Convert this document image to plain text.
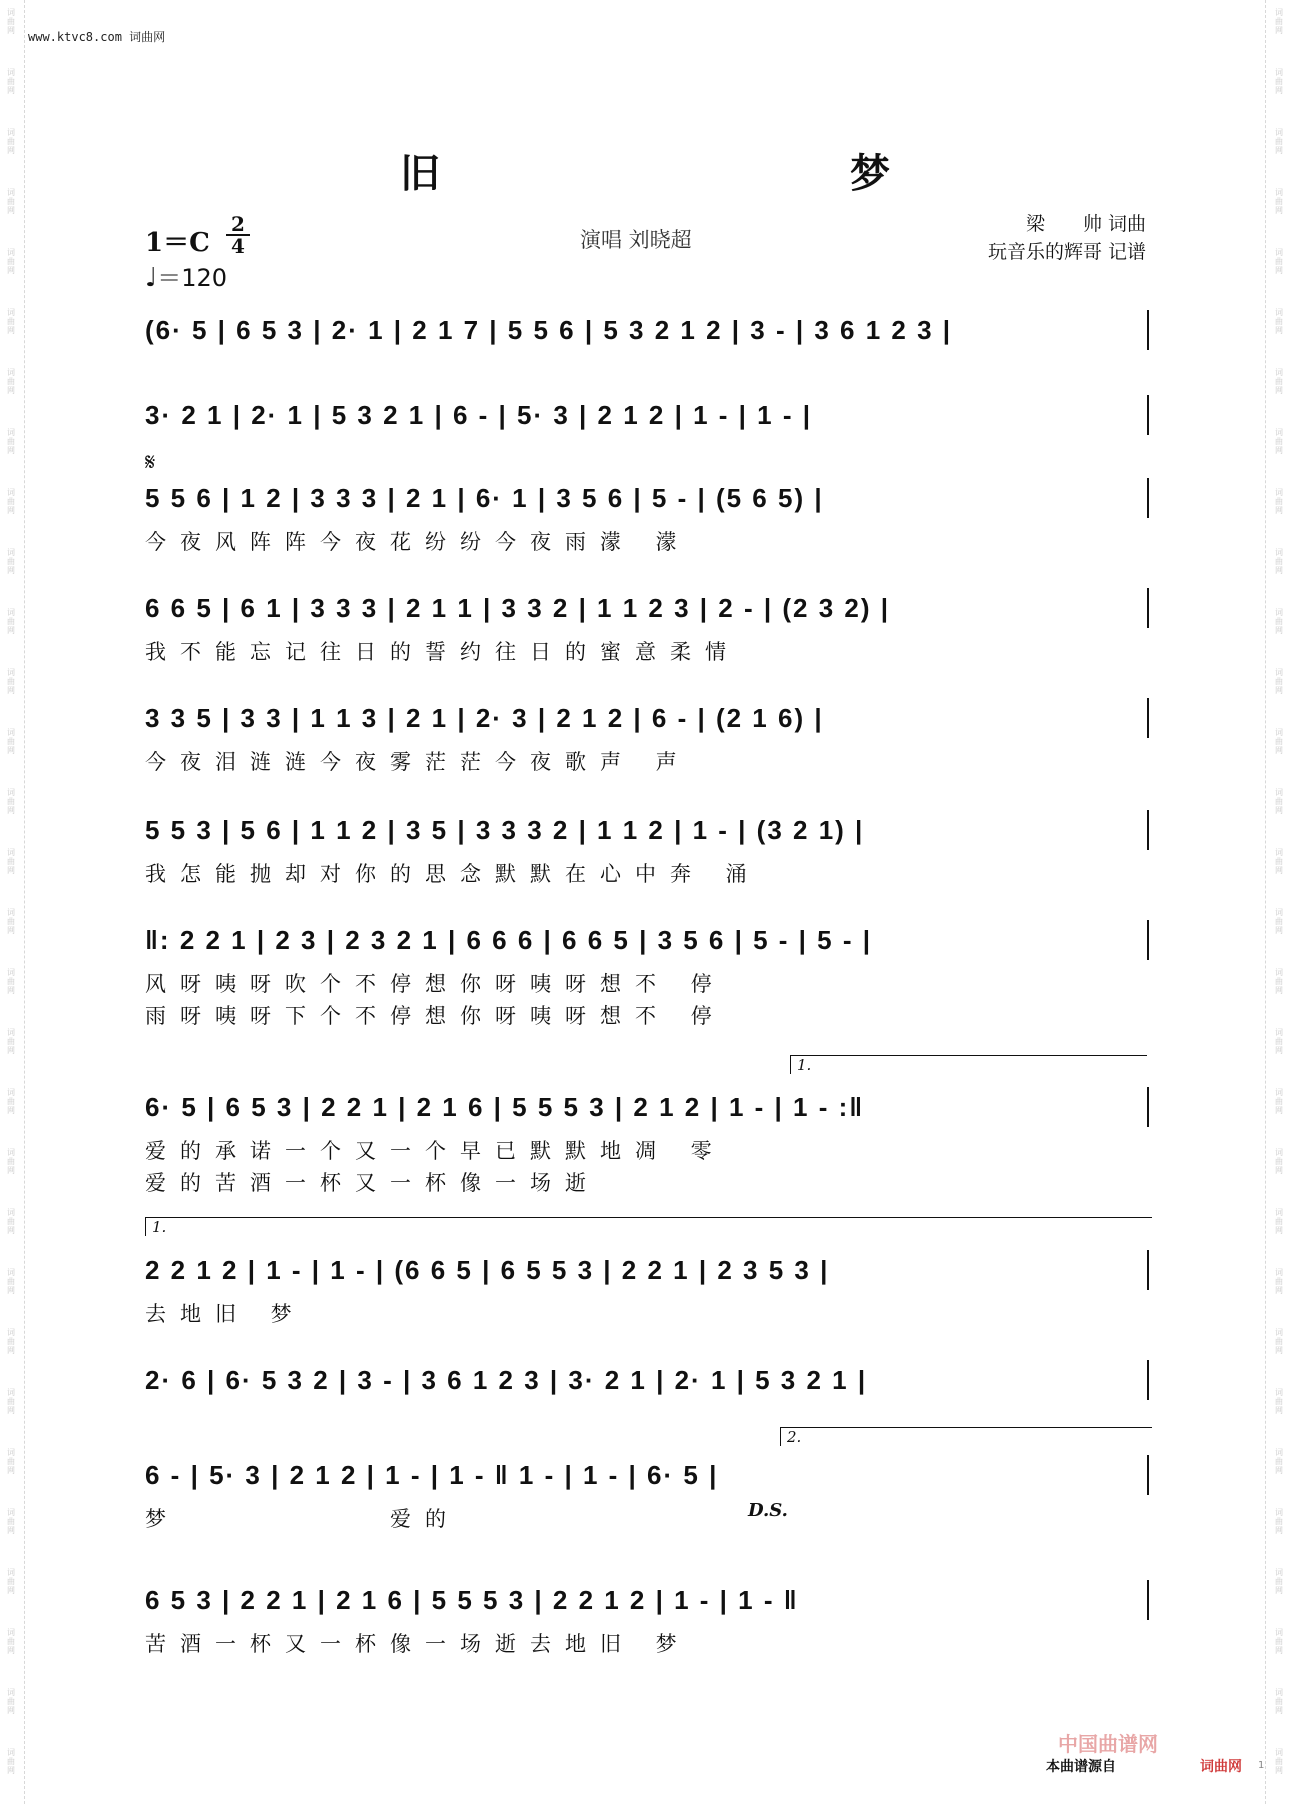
词
曲
网
词
曲
网
词
曲
网
词
曲
网
词
曲
网
词
曲
网
词
曲
网
词
曲
网
词
曲
网
词
曲
网
词
曲
网
词
曲
网
词
曲
网
词
曲
网
词
曲
网
词
曲
网
词
曲
网
词
曲
网
词
曲
网
词
曲
网
词
曲
网
词
曲
网
词
曲
网
词
曲
网
词
曲
网
词
曲
网
词
曲
网
词
曲
网
词
曲
网
词
曲
网
词
曲
网
词
曲
网
词
曲
网
词
曲
网
词
曲
网
词
曲
网
词
曲
网
词
曲
网
词
曲
网
词
曲
网
词
曲
网
词
曲
网
词
曲
网
词
曲
网
词
曲
网
词
曲
网
词
曲
网
词
曲
网
词
曲
网
词
曲
网
词
曲
网
词
曲
网
词
曲
网
词
曲
网
词
曲
网
词
曲
网
词
曲
网
词
曲
网
词
曲
网
词
曲
网
www.ktvc8.com 词曲网
旧　　梦
$1=C \frac{2}{4}$
♩＝120
演唱 刘晓超
梁　　帅 词曲
玩音乐的辉哥 记谱
𝄋
(6· 5 | 6 5 3 | 2· 1 | 2 1 7 | 5 5 6 | 5 3 2 1 2 | 3 - | 3 6 1 2 3 |
3· 2 1 | 2· 1 | 5 3 2 1 | 6 - | 5· 3 | 2 1 2 | 1 - | 1 - |
5 5 6 | 1 2 | 3 3 3 | 2 1 | 6· 1 | 3 5 6 | 5 - | (5 6 5) |
今夜风阵阵今夜花纷纷今夜雨濛 濛
6 6 5 | 6 1 | 3 3 3 | 2 1 1 | 3 3 2 | 1 1 2 3 | 2 - | (2 3 2) |
我不能忘记往日的誓约往日的蜜意柔情
3 3 5 | 3 3 | 1 1 3 | 2 1 | 2· 3 | 2 1 2 | 6 - | (2 1 6) |
今夜泪涟涟今夜雾茫茫今夜歌声 声
5 5 3 | 5 6 | 1 1 2 | 3 5 | 3 3 3 2 | 1 1 2 | 1 - | (3 2 1) |
我怎能抛却对你的思念默默在心中奔 涌
‖: 2 2 1 | 2 3 | 2 3 2 1 | 6 6 6 | 6 6 5 | 3 5 6 | 5 - | 5 - |
风呀咦呀吹个不停想你呀咦呀想不 停
雨呀咦呀下个不停想你呀咦呀想不 停
6· 5 | 6 5 3 | 2 2 1 | 2 1 6 | 5 5 5 3 | 2 1 2 | 1 - | 1 - :‖
爱的承诺一个又一个早已默默地凋 零
爱的苦酒一杯又一杯像一场逝
2 2 1 2 | 1 - | 1 - | (6 6 5 | 6 5 5 3 | 2 2 1 | 2 3 5 3 |
去地旧 梦
2· 6 | 6· 5 3 2 | 3 - | 3 6 1 2 3 | 3· 2 1 | 2· 1 | 5 3 2 1 |
6 - | 5· 3 | 2 1 2 | 1 - | 1 - ‖ 1 - | 1 - | 6· 5 |
梦　　　　　　爱的
6 5 3 | 2 2 1 | 2 1 6 | 5 5 5 3 | 2 2 1 2 | 1 - | 1 - ‖
苦酒一杯又一杯像一场逝去地旧 梦
1.
1.
2.
D.S.
中国曲谱网
本曲谱源自	词曲网 1
